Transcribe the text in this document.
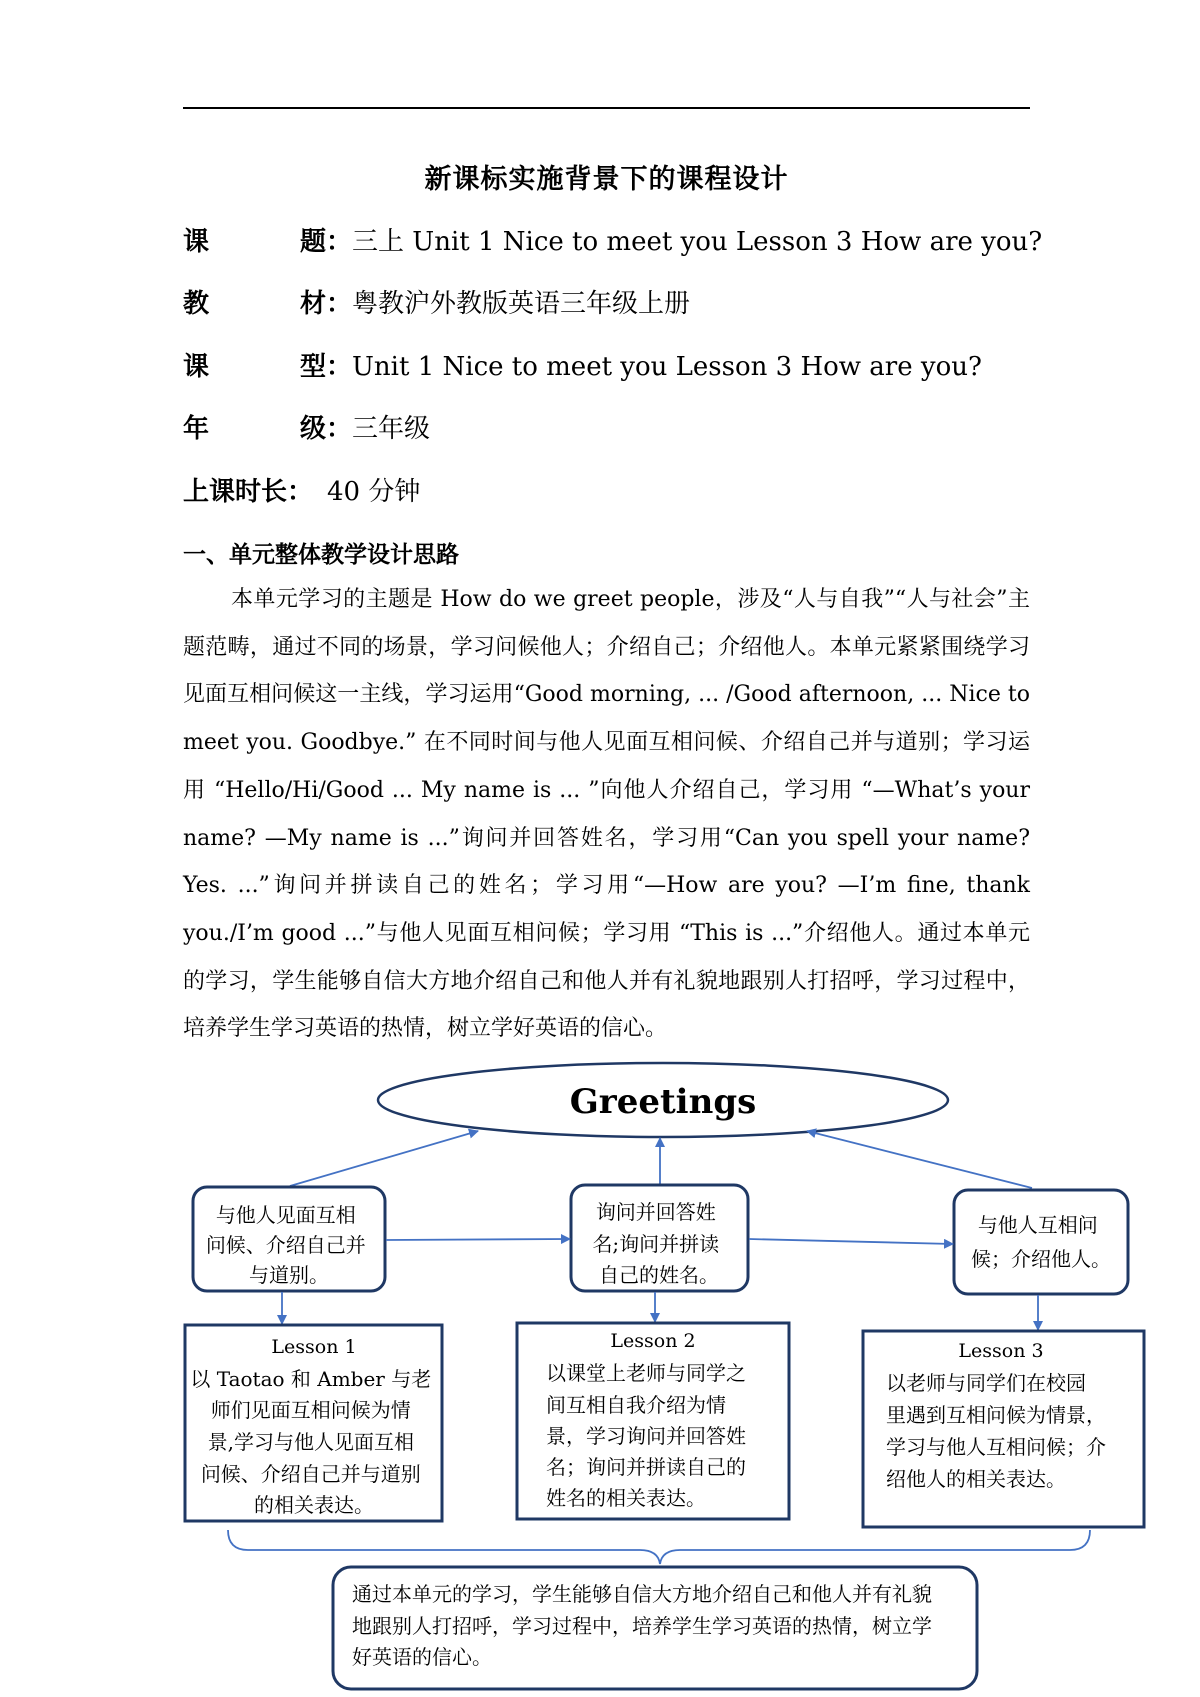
新课标实施背景下的课程设计
课	题 ：三上 Unit 1 Nice to meet you Lesson 3 How are you?
教	材 ：粤教沪外教版英语三年级上册
课	型 ：Unit 1 Nice to meet you Lesson 3 How are you?
年	级 ：三年级
上课时长： 40 分钟
一、单元整体教学设计思路
本单元学习的主题是 How do we greet people，涉及“人与自我”“人与社会”主题范畴，通过不同的场景，学习问候他人；介绍自己；介绍他人。本单元紧紧围绕学习见面互相问候这一主线，学习运用“Good morning, ... /Good afternoon, ... Nice to meet you. Goodbye.” 在不同时间与他人见面互相问候、介绍自己并与道别；学习运用 “Hello/Hi/Good ... My name is ... ”向他人介绍自己，学习用 “—What’s your name? —My name is ...”询问并回答姓名，学习用“Can you spell your name? Yes. ...”询问并拼读自己的姓名；学习用“—How are you? —I’m fine, thank you./I’m good ...”与他人见面互相问候；学习用 “This is ...”介绍他人。通过本单元的学习，学生能够自信大方地介绍自己和他人并有礼貌地跟别人打招呼，学习过程中，培养学生学习英语的热情，树立学好英语的信心。
Greetings
与他人见面互相 问候、介绍自己并 与道别。
询问并回答姓 名;询问并拼读 自己的姓名。
与他人互相问 候；介绍他人。
Lesson 1
以 Taotao 和 Amber 与老 师们见面互相问候为情 景,学习与他人见面互相 问候、介绍自己并与道别 的相关表达。
Lesson 2
以课堂上老师与同学之 间互相自我介绍为情 景，学习询问并回答姓 名；询问并拼读自己的 姓名的相关表达。
Lesson 3
以老师与同学们在校园 里遇到互相问候为情景， 学习与他人互相问候；介 绍他人的相关表达。
通过本单元的学习，学生能够自信大方地介绍自己和他人并有礼貌 地跟别人打招呼，学习过程中，培养学生学习英语的热情，树立学 好英语的信心。
